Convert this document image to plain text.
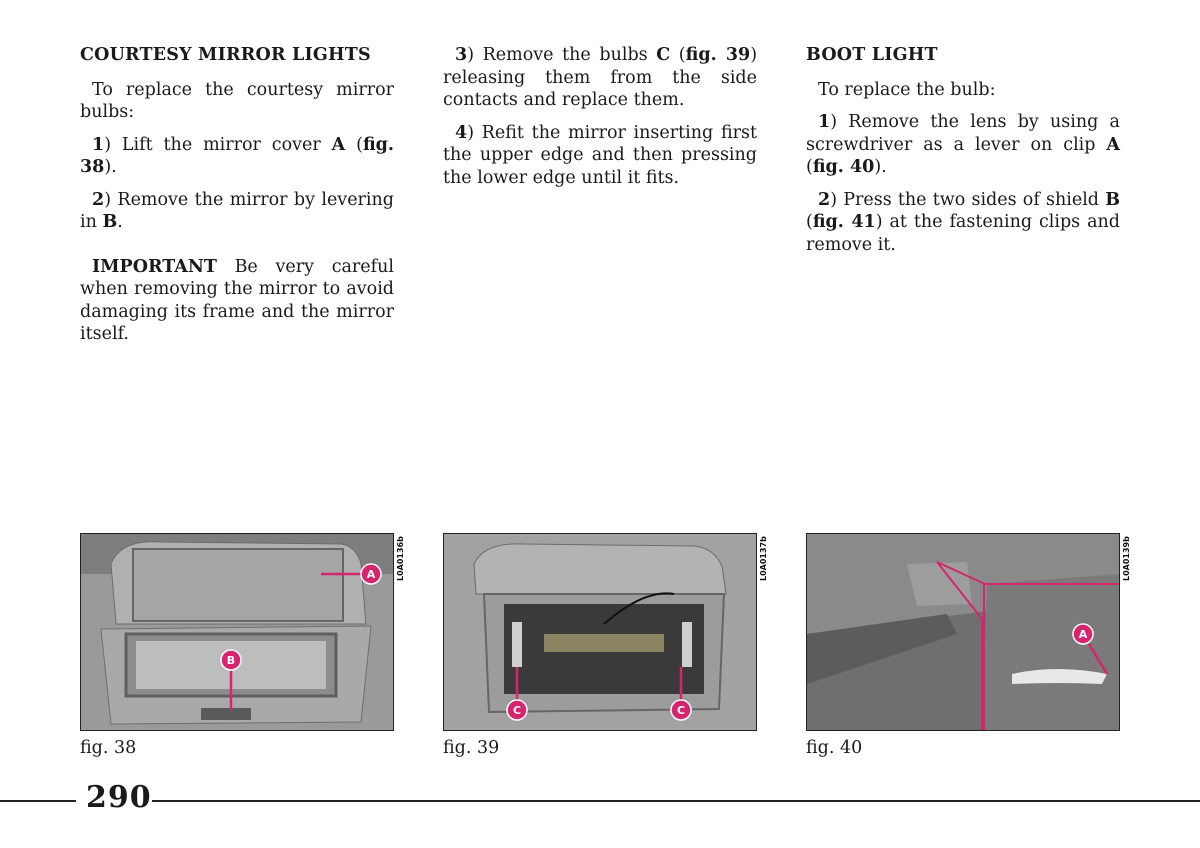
COURTESY MIRROR LIGHTS

To replace the courtesy mirror bulbs:

1) Lift the mirror cover A (fig. 38).

2) Remove the mirror by levering in B.

IMPORTANT Be very careful when removing the mirror to avoid damaging its frame and the mirror itself.

3) Remove the bulbs C (fig. 39) releasing them from the side contacts and replace them.

4) Refit the mirror inserting first the upper edge and then pressing the lower edge until it fits.

BOOT LIGHT

To replace the bulb:

1) Remove the lens by using a screwdriver as a lever on clip A (fig. 40).

2) Press the two sides of shield B (fig. 41) at the fastening clips and remove it.

A
B
L0A0136b
fig. 38
C	C
L0A0137b
fig. 39
A
L0A0139b
fig. 40
290
